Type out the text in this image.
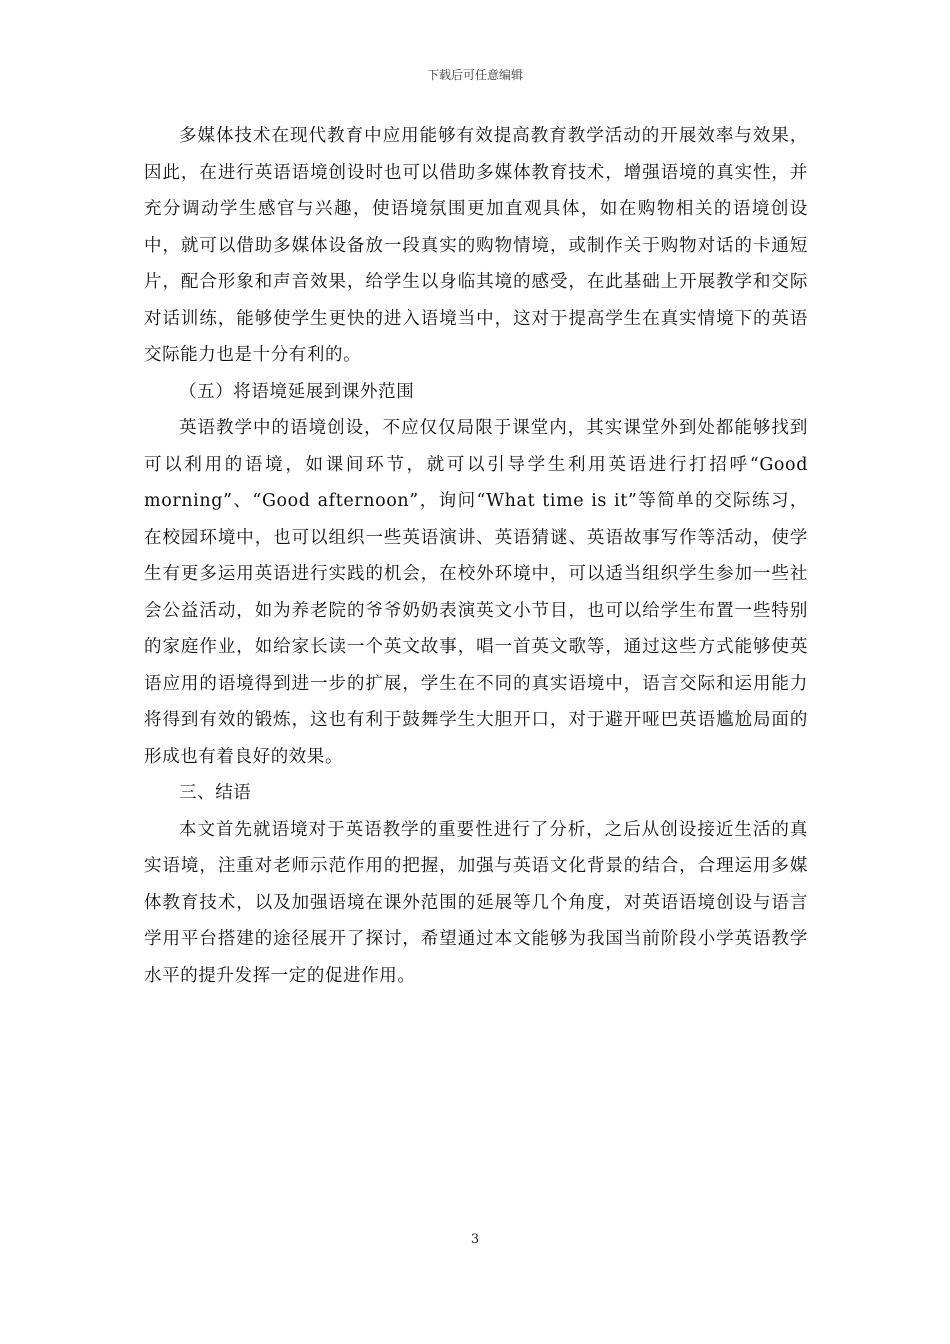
下载后可任意编辑

多媒体技术在现代教育中应用能够有效提高教育教学活动的开展效率与效果，因此，在进行英语语境创设时也可以借助多媒体教育技术，增强语境的真实性，并充分调动学生感官与兴趣，使语境氛围更加直观具体，如在购物相关的语境创设中，就可以借助多媒体设备放一段真实的购物情境，或制作关于购物对话的卡通短片，配合形象和声音效果，给学生以身临其境的感受，在此基础上开展教学和交际对话训练，能够使学生更快的进入语境当中，这对于提高学生在真实情境下的英语交际能力也是十分有利的。

（五）将语境延展到课外范围

英语教学中的语境创设，不应仅仅局限于课堂内，其实课堂外到处都能够找到可以利用的语境，如课间环节，就可以引导学生利用英语进行打招呼“Good morning”、“Good afternoon”，询问“What time is it”等简单的交际练习，在校园环境中，也可以组织一些英语演讲、英语猜谜、英语故事写作等活动，使学生有更多运用英语进行实践的机会，在校外环境中，可以适当组织学生参加一些社会公益活动，如为养老院的爷爷奶奶表演英文小节目，也可以给学生布置一些特别的家庭作业，如给家长读一个英文故事，唱一首英文歌等，通过这些方式能够使英语应用的语境得到进一步的扩展，学生在不同的真实语境中，语言交际和运用能力将得到有效的锻炼，这也有利于鼓舞学生大胆开口，对于避开哑巴英语尴尬局面的形成也有着良好的效果。

三、结语

本文首先就语境对于英语教学的重要性进行了分析，之后从创设接近生活的真实语境，注重对老师示范作用的把握，加强与英语文化背景的结合，合理运用多媒体教育技术，以及加强语境在课外范围的延展等几个角度，对英语语境创设与语言学用平台搭建的途径展开了探讨，希望通过本文能够为我国当前阶段小学英语教学水平的提升发挥一定的促进作用。

3
